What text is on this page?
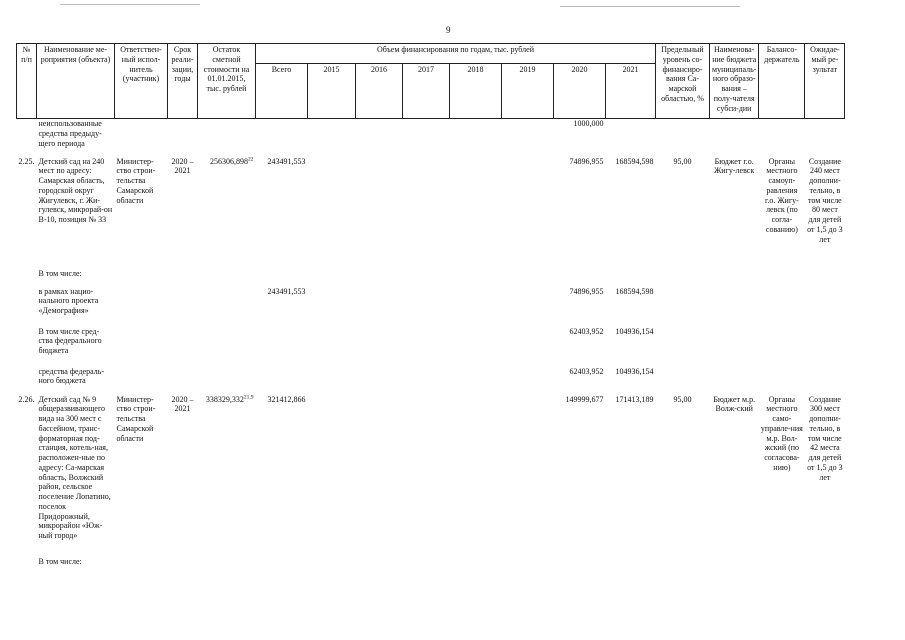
9
№ п/п	Наименование ме-роприятия (объекта)	Ответствен-ный испол-нитель (участник)	Срок реали-зации, годы	Остаток сметной стоимости на 01.01.2015, тыс. рублей	Объем финансирования по годам, тыс. рублей								Предельный уровень со-финансиро-вания Са-марской областью, %	Наименова-ние бюджета муниципаль-ного образо-вания – полу-чателя субси-дии	Балансо-держатель	Ожидае-мый ре-зультат
					Всего	2015	2016	2017	2018	2019	2020	2021				
	неиспользованные средства предыду-щего периода										1000,000					
2.25.	Детский сад на 240 мест по адресу: Самарская область, городской округ Жигулевск, г. Жи-гулевск, микрорай-он В-10, позиция № 33	Министер-ство строи-тельства Самарской области	2020 – 2021	256306,898$^{22}$	243491,553						74896,955	168594,598	95,00	Бюджет г.о. Жигу-левск	Органы местного самоуп-равления г.о. Жигу-левск (по согла-сованию)	Создание 240 мест дополни-тельно, в том числе 80 мест для детей от 1,5 до 3 лет
	В том числе:															
	в рамках нацио-нального проекта «Демография»				243491,553						74896,955	168594,598				
	В том числе сред-ства федерального бюджета										62403,952	104936,154				
	средства федераль-ного бюджета										62403,952	104936,154				
2.26.	Детский сад № 9 общеразвивающего вида на 300 мест с бассейном, транс-форматорная под-станция, котель-ная, расположен-ные по адресу: Са-марская область, Волжский район, сельское поселение Лопатино, поселок Придорожный, микрорайон «Юж-ный город»	Министер-ство строи-тельства Самарской области	2020 – 2021	338329,332$^{21,9}$	321412,866						149999,677	171413,189	95,00	Бюджет м.р. Волж-ский	Органы местного само-управле-ния м.р. Вол-жский (по согласова-нию)	Создание 300 мест дополни-тельно, в том числе 42 места для детей от 1,5 до 3 лет
	В том числе:															
